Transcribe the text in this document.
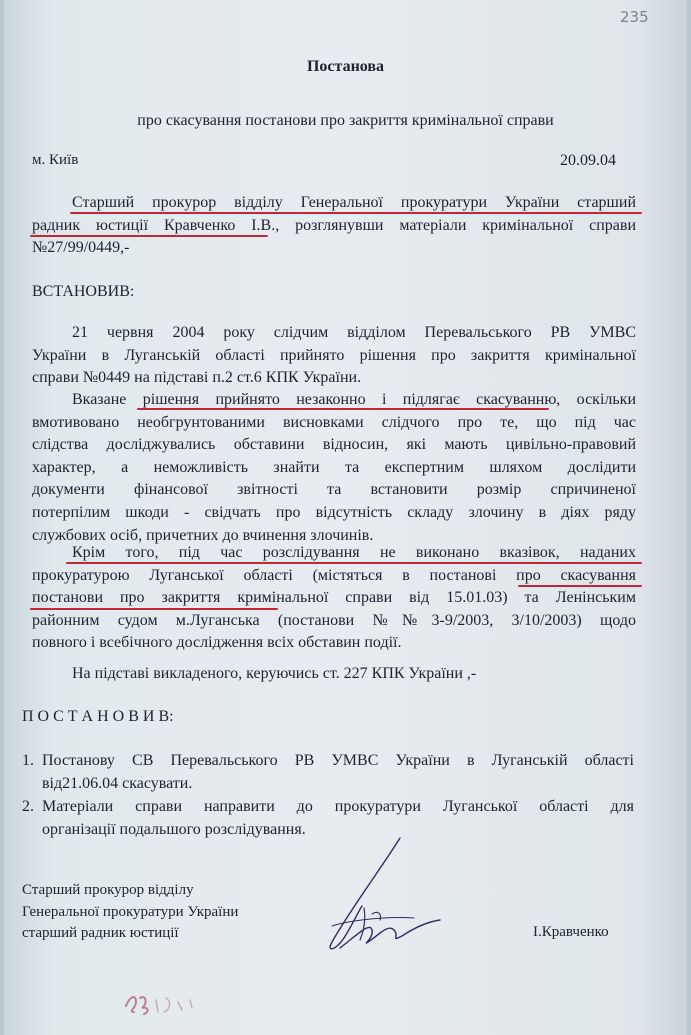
235
Постанова
про скасування постанови про закриття кримінальної справи
м. Київ	20.09.04
Старший прокурор відділу Генеральної прокуратури України старший
радник юстиції Кравченко І.В., розглянувши матеріали кримінальної справи
№27/99/0449,-
ВСТАНОВИВ:
21 червня 2004 року слідчим відділом Перевальського РВ УМВС
України в Луганській області прийнято рішення про закриття кримінальної
справи №0449 на підставі п.2 ст.6 КПК України.
Вказане рішення прийнято незаконно і підлягає скасуванню, оскільки
вмотивовано необгрунтованими висновками слідчого про те, що під час
слідства досліджувались обставини відносин, які мають цивільно-правовий
характер, а неможливість знайти та експертним шляхом дослідити
документи фінансової звітності та встановити розмір спричиненої
потерпілим шкоди - свідчать про відсутність складу злочину в діях ряду
службових осіб, причетних до вчинення злочинів.
Крім того, під час розслідування не виконано вказівок, наданих
прокуратурою Луганської області (містяться в постанові про скасування
постанови про закриття кримінальної справи від 15.01.03) та Ленінським
районним судом м.Луганська (постанови №№3-9/2003, 3/10/2003) щодо
повного і всебічного дослідження всіх обставин події.
На підставі викладеного, керуючись ст. 227 КПК України ,-
П О С Т А Н О В И В:
1. Постанову СВ Перевальського РВ УМВС України в Луганській області
від21.06.04 скасувати.
2. Матеріали справи направити до прокуратури Луганської області для
організації подальшого розслідування.
Старший прокурор відділу
Генеральної прокуратури України
старший радник юстиції	І.Кравченко
